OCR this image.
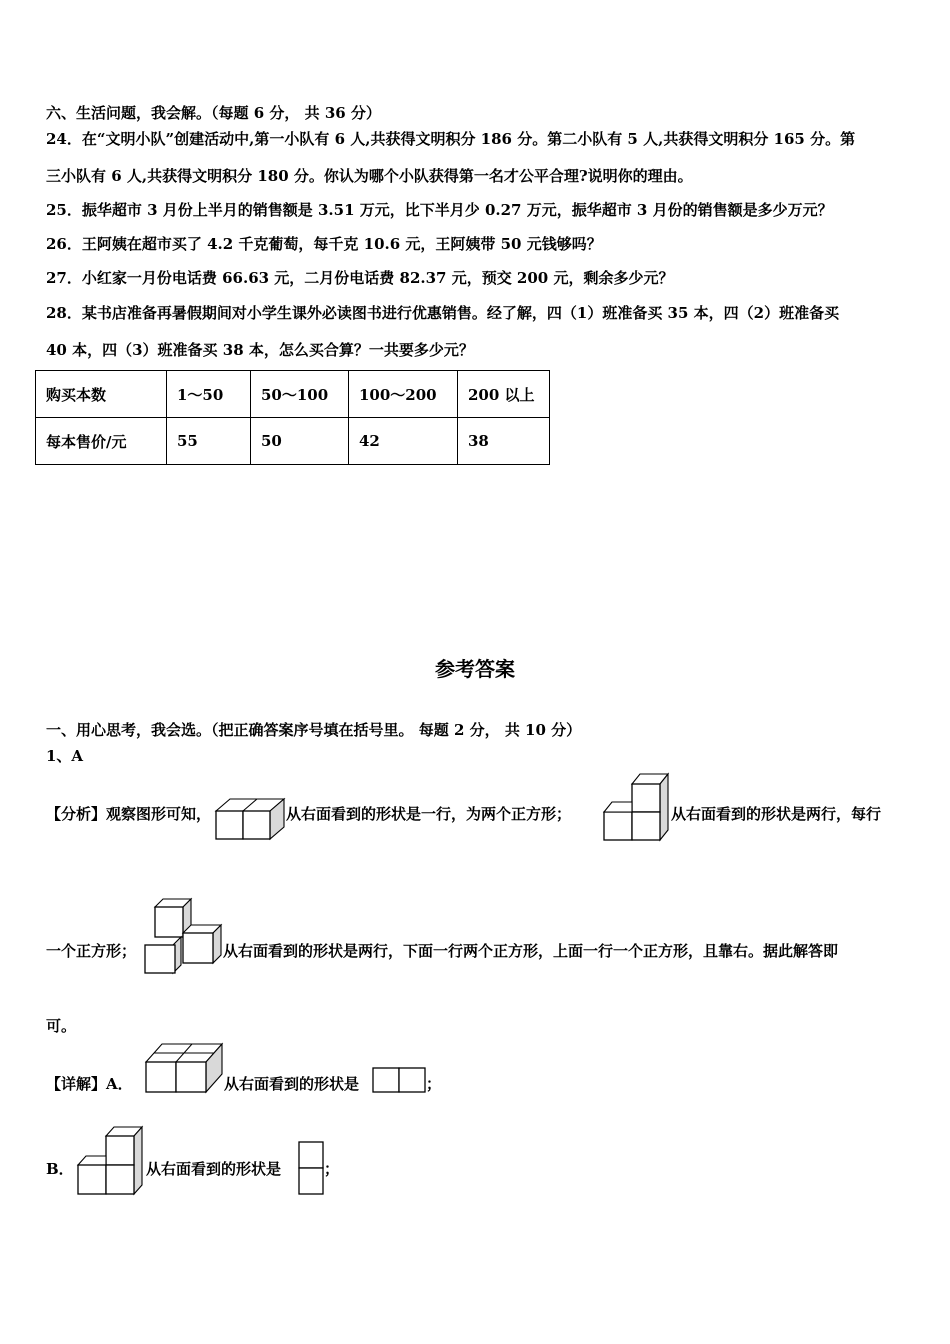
六、生活问题，我会解。（每题 6 分， 共 36 分）
24．在“文明小队”创建活动中,第一小队有 6 人,共获得文明积分 186 分。第二小队有 5 人,共获得文明积分 165 分。第
三小队有 6 人,共获得文明积分 180 分。你认为哪个小队获得第一名才公平合理?说明你的理由。
25．振华超市 3 月份上半月的销售额是 3.51 万元，比下半月少 0.27 万元，振华超市 3 月份的销售额是多少万元？
26．王阿姨在超市买了 4.2 千克葡萄，每千克 10.6 元，王阿姨带 50 元钱够吗？
27．小红家一月份电话费 66.63 元，二月份电话费 82.37 元，预交 200 元，剩余多少元？
28．某书店准备再暑假期间对小学生课外必读图书进行优惠销售。经了解，四（1）班准备买 35 本，四（2）班准备买
40 本，四（3）班准备买 38 本，怎么买合算？一共要多少元？
购买本数	1～50	50～100	100～200	200 以上
每本售价/元	55	50	42	38
参考答案
一、用心思考，我会选。（把正确答案序号填在括号里。 每题 2 分， 共 10 分）
1、A
【分析】观察图形可知，	从右面看到的形状是一行，为两个正方形；	从右面看到的形状是两行，每行
一个正方形；	从右面看到的形状是两行，下面一行两个正方形，上面一行一个正方形，且靠右。据此解答即
可。
【详解】A．	从右面看到的形状是	；
B．	从右面看到的形状是	；
